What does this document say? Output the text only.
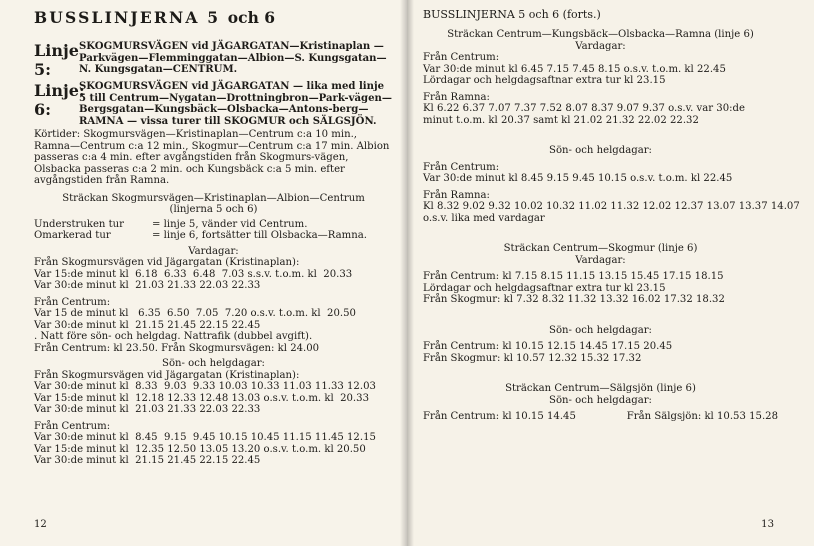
BUSSLINJERNA 5 och 6
Linje 5:

SKOGMURSVÄGEN vid JÄGARGATAN—Kristinaplan —Parkvägen—Flemminggatan—Albion—S. Kungsgatan— N. Kungsgatan—CENTRUM.

Linje: 6:

SKOGMURSVÄGEN vid JÄGARGATAN — lika med linje 5 till Centrum—Nygatan—Drottningbron—Park-vägen—Bergsgatan—Kungsbäck—Olsbacka—Antons-berg—RAMNA — vissa turer till SKOGMUR och SÄLGSJÖN.

Körtider: Skogmursvägen—Kristinaplan—Centrum c:a 10 min., Ramna—Centrum c:a 12 min., Skogmur—Centrum c:a 17 min. Albion passeras c:a 4 min. efter avgångstiden från Skogmurs-vägen, Olsbacka passeras c:a 2 min. och Kungsbäck c:a 5 min. efter avgångstiden från Ramna.

Sträckan Skogmursvägen—Kristinaplan—Albion—Centrum
(linjerna 5 och 6)
Understruken tur	= linje 5, vänder vid Centrum.
Omarkerad tur	= linje 6, fortsätter till Olsbacka—Ramna.
Vardagar:
Från Skogmursvägen vid Jägargatan (Kristinaplan):
Var 15:de minut kl  6.18  6.33  6.48  7.03 s.s.v. t.o.m. kl  20.33
Var 30:de minut kl  21.03 21.33 22.03 22.33
Från Centrum:
Var 15 de minut kl   6.35  6.50  7.05  7.20 o.s.v. t.o.m. kl  20.50
Var 30:de minut kl  21.15 21.45 22.15 22.45
. Natt före sön- och helgdag. Nattrafik (dubbel avgift).
Från Centrum: kl 23.50. Från Skogmursvägen: kl 24.00
Sön- och helgdagar:
Från Skogmursvägen vid Jägargatan (Kristinaplan):
Var 30:de minut kl  8.33  9.03  9.33 10.03 10.33 11.03 11.33 12.03
Var 15:de minut kl  12.18 12.33 12.48 13.03 o.s.v. t.o.m. kl  20.33
Var 30:de minut kl  21.03 21.33 22.03 22.33
Från Centrum:
Var 30:de minut kl  8.45  9.15  9.45 10.15 10.45 11.15 11.45 12.15
Var 15:de minut kl  12.35 12.50 13.05 13.20 o.s.v. t.o.m. kl 20.50
Var 30:de minut kl  21.15 21.45 22.15 22.45
12
BUSSLINJERNA 5 och 6 (forts.)
Sträckan Centrum—Kungsbäck—Olsbacka—Ramna (linje 6)
Vardagar:
Från Centrum:
Var 30:de minut kl 6.45 7.15 7.45 8.15 o.s.v. t.o.m. kl 22.45
Lördagar och helgdagsaftnar extra tur kl 23.15
Från Ramna:
Kl 6.22 6.37 7.07 7.37 7.52 8.07 8.37 9.07 9.37 o.s.v. var 30:de
minut t.o.m. kl 20.37 samt kl 21.02 21.32 22.02 22.32
Sön- och helgdagar:
Från Centrum:
Var 30:de minut kl 8.45 9.15 9.45 10.15 o.s.v. t.o.m. kl 22.45
Från Ramna:
Kl 8.32 9.02 9.32 10.02 10.32 11.02 11.32 12.02 12.37 13.07 13.37 14.07
o.s.v. lika med vardagar
Sträckan Centrum—Skogmur (linje 6)
Vardagar:
Från Centrum: kl 7.15 8.15 11.15 13.15 15.45 17.15 18.15
Lördagar och helgdagsaftnar extra tur kl 23.15
Från Skogmur: kl 7.32 8.32 11.32 13.32 16.02 17.32 18.32
Sön- och helgdagar:
Från Centrum: kl 10.15 12.15 14.45 17.15 20.45
Från Skogmur: kl 10.57 12.32 15.32 17.32
Sträckan Centrum—Sälgsjön (linje 6)
Sön- och helgdagar:
Från Centrum: kl 10.15 14.45	Från Sälgsjön: kl 10.53 15.28
13
